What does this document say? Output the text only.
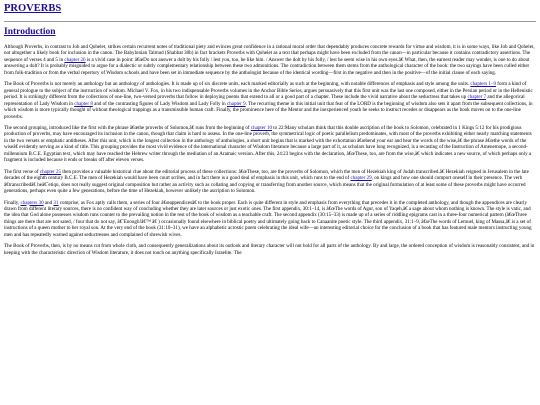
PROVERBS
Introduction

Although Proverbs, in contrast to Job and Qohelet, strikes certain recurrent notes of traditional piety and evinces great confidence in a rational moral order that dependably produces concrete rewards for virtue and wisdom, it is in some ways, like Job and Qohelet, not altogether a likely book for inclusion in the canon. The Babylonian Talmud (Shabbat 30b) in fact brackets Proverbs with Qohelet as a text that perhaps might have been excluded from the canon—in particular because it contains contradictory assertions. The sequence of verses 4 and 5 in chapter 26 is a vivid case in point: â€œDo not answer a dolt by his folly / lest you, too, be like him. / Answer the dolt by his folly, / lest he seem wise in his own eyes.â€ What, then, the earnest reader may wonder, is one to do about answering a dolt? It is probably misguided to argue for a dialectic or subtly complementary relationship between these two admonitions. The contradiction between them stems from the anthological character of the book: the two sayings have been culled either from folk-tradition or from the verbal repertory of Wisdom schools and have been set in immediate sequence by the anthologist because of the identical wording—first in the negative and then in the positive—of the initial clause of each saying.

The Book of Proverbs is not merely an anthology but an anthology of anthologies. It is made up of six discrete units, each marked editorially as such at the beginning, with notable differences of emphasis and style among the units. chapters 1–9 form a kind of general prologue to the subject of the instruction of wisdom. Michael V. Fox, in his two indispensable Proverbs volumes in the Anchor Bible Series, argues persuasively that this first unit was the last one composed, either in the Persian period or in the Hellenistic period. It is strikingly different from the collections of one-line, two-versed proverbs that follow in deploying poems that extend to all or a good part of a chapter. These include the vivid narrative about the seductress that takes up chapter 7 and the allegorical representation of Lady Wisdom in chapter 8 and of the contrasting figures of Lady Wisdom and Lady Folly in chapter 9. The recurring theme in this initial unit that fear of the LORD is the beginning of wisdom also sets it apart from the subsequent collections, in which wisdom is more typically thought of without theological trappings as a transmissible human craft. Finally, the prominence here of the Mentor and the inexperienced youth he seeks to instruct recedes or disappears as the book moves on to the one-line proverbs.

The second grouping, introduced like the first with the phrase â€œthe proverbs of Solomon,â€ runs from the beginning of chapter 10 to 22:Many scholars think that this double ascription of the book to Solomon, celebrated in 1 Kings 5:12 for his prodigious production of proverbs, may have encouraged its inclusion in the canon, though that claim is hard to assess. In the one-line proverb, the symmetrical logic of poetic parallelism predominates, with most of the proverbs exhibiting either nearly matching statements in the two versets or emphatic antitheses. After this unit, which is the longest collection in the anthology of anthologies, a short unit begins that is marked with the exhortation â€œbend your ear and hear the words of the wise,â€ the phrase â€œthe words of the wiseâ€ evidently serving as a kind of title. This grouping provides the most vivid evidence of the international character of Wisdom literature because a large part of it, as scholars have long recognized, is a recasting of the Instruction of Amenemope, a second-millennium B.C.E. Egyptian text, which may have reached the Hebrew writer through the mediation of an Aramaic version. After this, 24:23 begins with the declaration, â€œThese, too, are from the wise,â€ which indicates a new source, of which perhaps only a fragment is included because it ends or breaks off after eleven verses.

The first verse of chapter 25 then provides a valuable historical clue about the editorial process of these collections: â€œThese, too, are the proverbs of Solomon, which the men of Hezekiah king of Judah transcribed.â€ Hezekiah reigned in Jerusalem in the late decades of the eighth century B.C.E. The men of Hezekiah would have been court scribes, and in fact there is a good deal of emphasis in this unit, which runs to the end of chapter 29, on kings and how one should comport oneself in their presence. The verb â€transcribedâ€ heâ€ˆetiqu, does not really suggest original composition but rather an activity such as collating and copying or transferring from another source, which means that the original formulation of at least some of these proverbs might have occurred generations, perhaps even quite a few generations, before the time of Hezekiah, however unlikely the ascription to Solomon.

Finally, chapters 30 and 31 comprise, as Fox aptly calls them, a series of four â€œappendicesâ€ to the book proper. Each is quite different in style and emphasis from everything that precedes it in the completed anthology, and though the appendices are clearly drawn from different literary sources, there is no confident way of concluding whether they are later sources or just exotic ones. The first appendix, 30:1–14, is â€œThe words of Agur, son of Yaqeh,â€ a sage about whom nothing is known. The style is vatic, and the idea that God alone possesses wisdom runs counter to the prevailing notion in the rest of the book of wisdom as a teachable craft. The second appendix (30:15–33) is made up of a series of riddling epigrams cast in a three-four numerical pattern (â€œThree things are there that are not sated, / four that do not say, â€˜Enough!â€™ â€ ) occasionally found elsewhere in biblical poetry and ultimately going back to Canaanite poetic style. The third appendix, 31:1–9, â€œThe words of Lemuel, king of Massa,â€ is a set of instructions of a queen mother to her royal son. At the very end of the book (31:10–31), we have an alphabetic acrostic poem celebrating the ideal wife—an interesting editorial choice for the conclusion of a book that has featured male mentors instructing young men and has repeatedly warned against seductresses and complained of shrewish wives.

The Book of Proverbs, then, is by no means cut from whole cloth, and consequently generalizations about its outlook and literary character will not hold for all parts of the anthology. By and large, the ordered conception of wisdom is reasonably consistent, and in keeping with the characteristic direction of Wisdom literature, it does not touch on anything specifically Israelite. The
